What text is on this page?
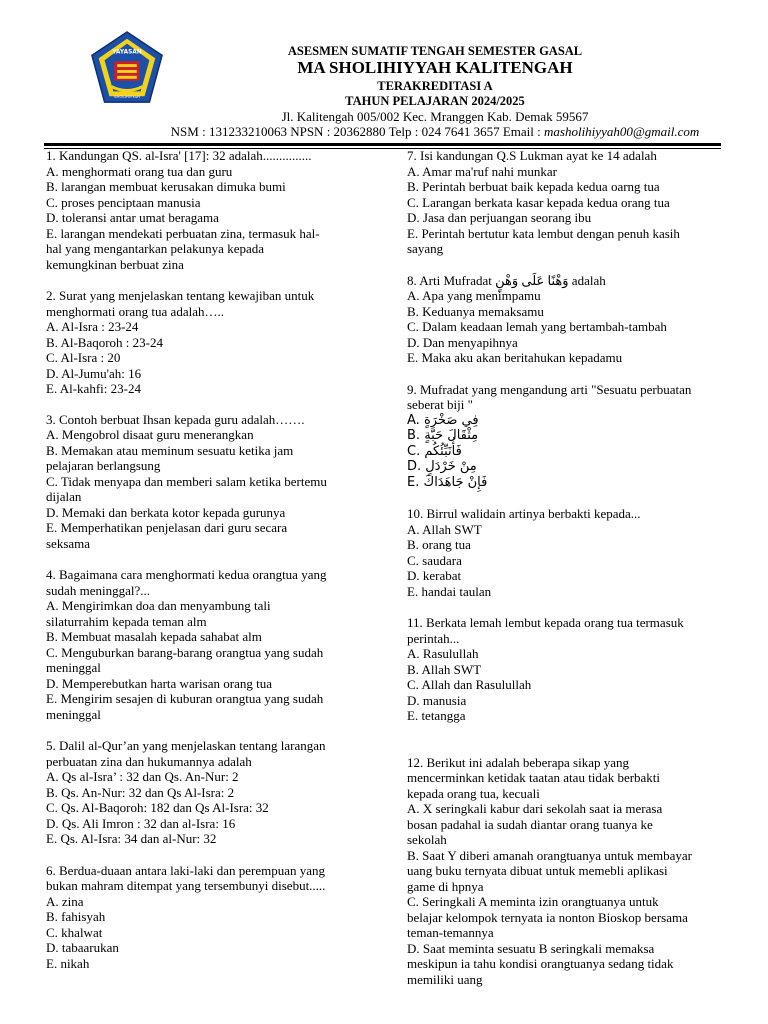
YAYASAN
SHOLIHIYYAH
ASESMEN SUMATIF TENGAH SEMESTER GASAL
MA SHOLIHIYYAH KALITENGAH
TERAKREDITASI A
TAHUN PELAJARAN 2024/2025
Jl. Kalitengah 005/002 Kec. Mranggen Kab. Demak 59567
NSM : 131233210063 NPSN : 20362880 Telp : 024 7641 3657 Email : masholihiyyah00@gmail.com
1. Kandungan QS. al-Isra' [17]: 32 adalah...............
A. menghormati orang tua dan guru
B. larangan membuat kerusakan dimuka bumi
C. proses penciptaan manusia
D. toleransi antar umat beragama
E. larangan mendekati perbuatan zina, termasuk hal-
hal yang mengantarkan pelakunya kepada
kemungkinan berbuat zina
2. Surat yang menjelaskan tentang kewajiban untuk
menghormati orang tua adalah…..
A. Al-Isra : 23-24
B. Al-Baqoroh : 23-24
C. Al-Isra : 20
D. Al-Jumu'ah: 16
E. Al-kahfi: 23-24
3. Contoh berbuat Ihsan kepada guru adalah…….
A. Mengobrol disaat guru menerangkan
B. Memakan atau meminum sesuatu ketika jam
pelajaran berlangsung
C. Tidak menyapa dan memberi salam ketika bertemu
dijalan
D. Memaki dan berkata kotor kepada gurunya
E. Memperhatikan penjelasan dari guru secara
seksama
4. Bagaimana cara menghormati kedua orangtua yang
sudah meninggal?...
A. Mengirimkan doa dan menyambung tali
silaturrahim kepada teman alm
B. Membuat masalah kepada sahabat alm
C. Menguburkan barang-barang orangtua yang sudah
meninggal
D. Memperebutkan harta warisan orang tua
E. Mengirim sesajen di kuburan orangtua yang sudah
meninggal
5. Dalil al-Qur’an yang menjelaskan tentang larangan
perbuatan zina dan hukumannya adalah
A. Qs al-Isra’ : 32 dan Qs. An-Nur: 2
B. Qs. An-Nur: 32 dan Qs Al-Isra: 2
C. Qs. Al-Baqoroh: 182 dan Qs Al-Isra: 32
D. Qs. Ali Imron : 32 dan al-Isra: 16
E. Qs. Al-Isra: 34 dan al-Nur: 32
6. Berdua-duaan antara laki-laki dan perempuan yang
bukan mahram ditempat yang tersembunyi disebut.....
A. zina
B. fahisyah
C. khalwat
D. tabaarukan
E. nikah
7. Isi kandungan Q.S Lukman ayat ke 14 adalah
A. Amar ma'ruf nahi munkar
B. Perintah berbuat baik kepada kedua oarng tua
C. Larangan berkata kasar kepada kedua orang tua
D. Jasa dan perjuangan seorang ibu
E. Perintah bertutur kata lembut dengan penuh kasih
sayang
8. Arti Mufradat وَهْنًا عَلَى وَهْنٍ adalah
A. Apa yang menimpamu
B. Keduanya memaksamu
C. Dalam keadaan lemah yang bertambah-tambah
D. Dan menyapihnya
E. Maka aku akan beritahukan kepadamu
9. Mufradat yang mengandung arti "Sesuatu perbuatan
seberat biji "
A. فِي صَخْرَةٍ
B. مِثْقَالَ حَبَّةٍ
C. فَأُنَبِّئُكُم
D. مِنْ خَرْدَلٍ
E. فَإِنْ جَاهَدَاكَ
10. Birrul walidain artinya berbakti kepada...
A. Allah SWT
B. orang tua
C. saudara
D. kerabat
E. handai taulan
11. Berkata lemah lembut kepada orang tua termasuk
perintah...
A. Rasulullah
B. Allah SWT
C. Allah dan Rasulullah
D. manusia
E. tetangga
12. Berikut ini adalah beberapa sikap yang
mencerminkan ketidak taatan atau tidak berbakti
kepada orang tua, kecuali
A. X seringkali kabur dari sekolah saat ia merasa
bosan padahal ia sudah diantar orang tuanya ke
sekolah
B. Saat Y diberi amanah orangtuanya untuk membayar
uang buku ternyata dibuat untuk memebli aplikasi
game di hpnya
C. Seringkali A meminta izin orangtuanya untuk
belajar kelompok ternyata ia nonton Bioskop bersama
teman-temannya
D. Saat meminta sesuatu B seringkali memaksa
meskipun ia tahu kondisi orangtuanya sedang tidak
memiliki uang
